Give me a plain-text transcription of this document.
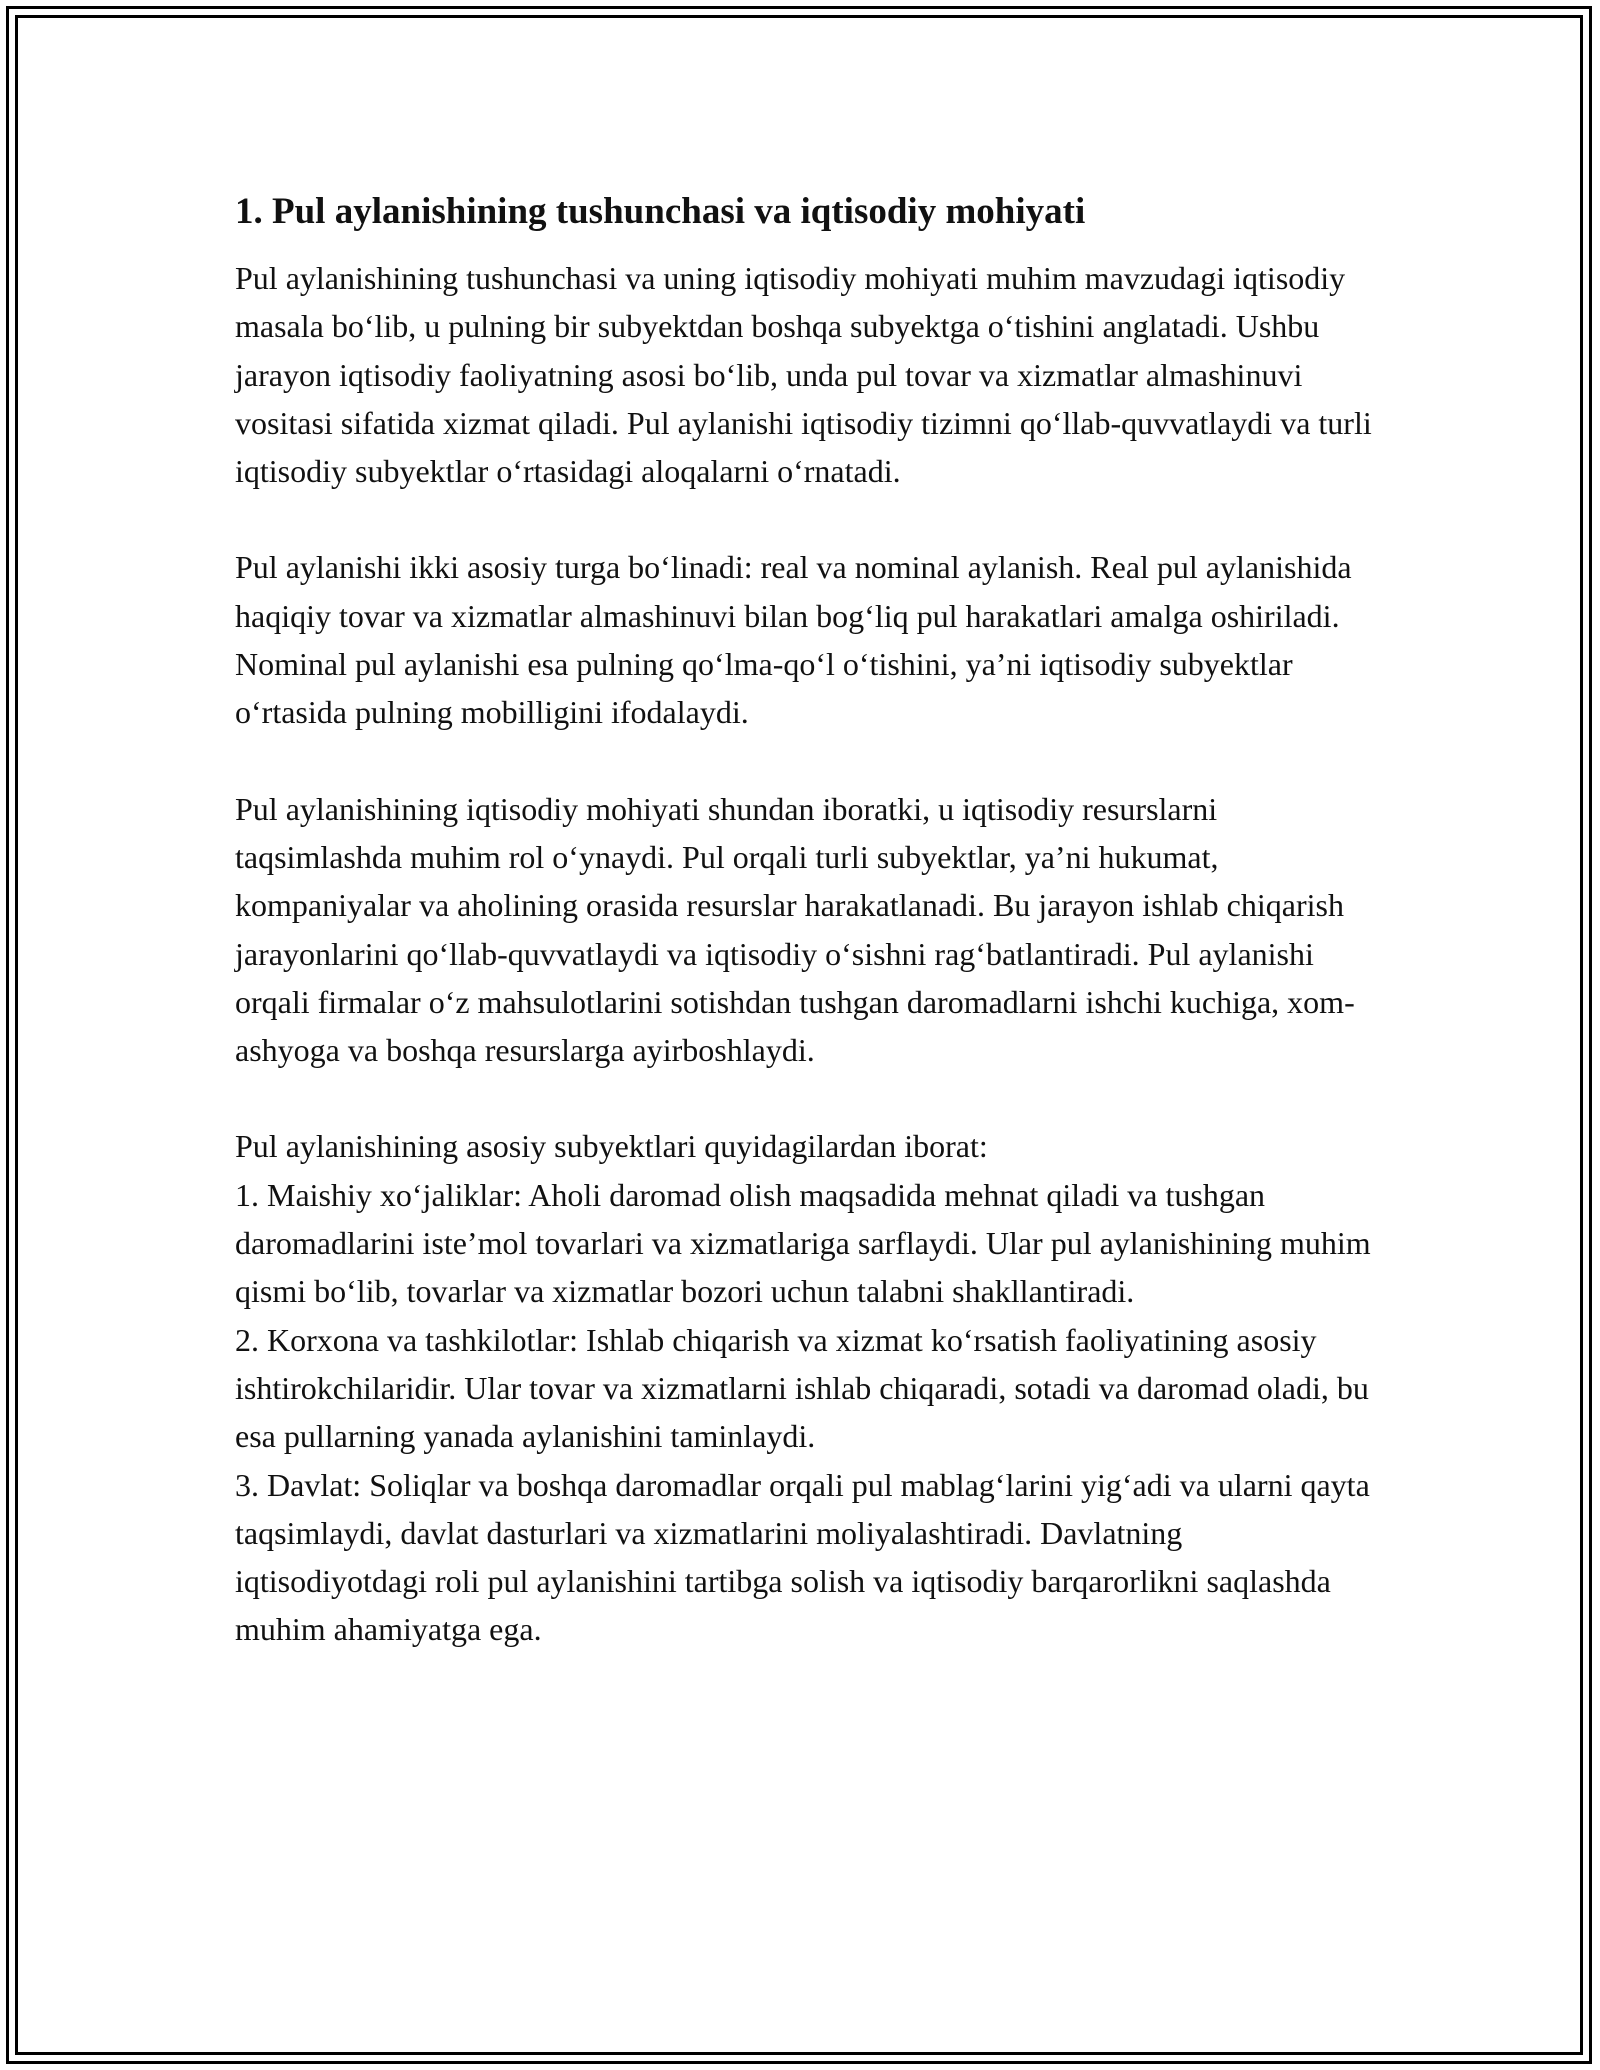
1. Pul aylanishining tushunchasi va iqtisodiy mohiyati

Pul aylanishining tushunchasi va uning iqtisodiy mohiyati muhim mavzudagi iqtisodiy masala bo‘lib, u pulning bir subyektdan boshqa subyektga o‘tishini anglatadi. Ushbu jarayon iqtisodiy faoliyatning asosi bo‘lib, unda pul tovar va xizmatlar almashinuvi vositasi sifatida xizmat qiladi. Pul aylanishi iqtisodiy tizimni qo‘llab-quvvatlaydi va turli iqtisodiy subyektlar o‘rtasidagi aloqalarni o‘rnatadi.

Pul aylanishi ikki asosiy turga bo‘linadi: real va nominal aylanish. Real pul aylanishida haqiqiy tovar va xizmatlar almashinuvi bilan bog‘liq pul harakatlari amalga oshiriladi. Nominal pul aylanishi esa pulning qo‘lma-qo‘l o‘tishini, ya’ni iqtisodiy subyektlar o‘rtasida pulning mobilligini ifodalaydi.

Pul aylanishining iqtisodiy mohiyati shundan iboratki, u iqtisodiy resurslarni taqsimlashda muhim rol o‘ynaydi. Pul orqali turli subyektlar, ya’ni hukumat, kompaniyalar va aholining orasida resurslar harakatlanadi. Bu jarayon ishlab chiqarish jarayonlarini qo‘llab-quvvatlaydi va iqtisodiy o‘sishni rag‘batlantiradi. Pul aylanishi orqali firmalar o‘z mahsulotlarini sotishdan tushgan daromadlarni ishchi kuchiga, xom-ashyoga va boshqa resurslarga ayirboshlaydi.

Pul aylanishining asosiy subyektlari quyidagilardan iborat:
1. Maishiy xo‘jaliklar: Aholi daromad olish maqsadida mehnat qiladi va tushgan daromadlarini iste’mol tovarlari va xizmatlariga sarflaydi. Ular pul aylanishining muhim qismi bo‘lib, tovarlar va xizmatlar bozori uchun talabni shakllantiradi.
2. Korxona va tashkilotlar: Ishlab chiqarish va xizmat ko‘rsatish faoliyatining asosiy ishtirokchilaridir. Ular tovar va xizmatlarni ishlab chiqaradi, sotadi va daromad oladi, bu esa pullarning yanada aylanishini taminlaydi.
3. Davlat: Soliqlar va boshqa daromadlar orqali pul mablag‘larini yig‘adi va ularni qayta taqsimlaydi, davlat dasturlari va xizmatlarini moliyalashtiradi. Davlatning iqtisodiyotdagi roli pul aylanishini tartibga solish va iqtisodiy barqarorlikni saqlashda muhim ahamiyatga ega.
